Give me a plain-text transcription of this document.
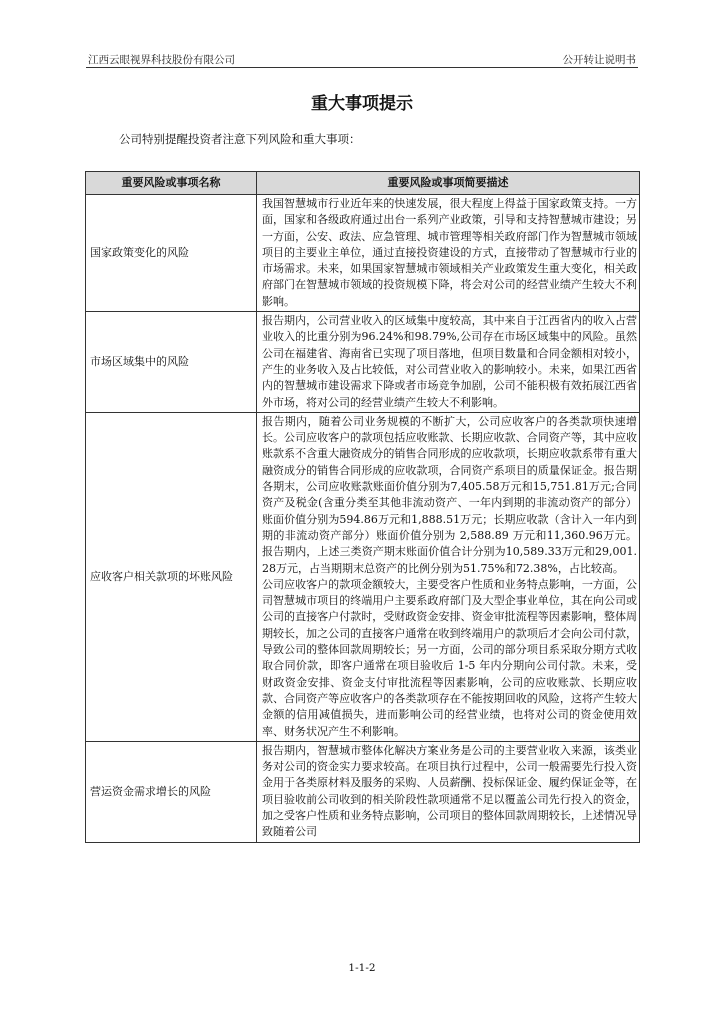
江西云眼视界科技股份有限公司	公开转让说明书
重大事项提示
公司特别提醒投资者注意下列风险和重大事项：
重要风险或事项名称	重要风险或事项简要描述
国家政策变化的风险	我国智慧城市行业近年来的快速发展，很大程度上得益于国家政策支持。一方面，国家和各级政府通过出台一系列产业政策，引导和支持智慧城市建设；另一方面，公安、政法、应急管理、城市管理等相关政府部门作为智慧城市领域项目的主要业主单位，通过直接投资建设的方式，直接带动了智慧城市行业的市场需求。未来，如果国家智慧城市领域相关产业政策发生重大变化，相关政府部门在智慧城市领域的投资规模下降，将会对公司的经营业绩产生较大不利影响。

市场区域集中的风险	报告期内，公司营业收入的区域集中度较高，其中来自于江西省内的收入占营业收入的比重分别为96.24%和98.79%,公司存在市场区域集中的风险。虽然公司在福建省、海南省已实现了项目落地，但项目数量和合同金额相对较小，产生的业务收入及占比较低，对公司营业收入的影响较小。未来，如果江西省内的智慧城市建设需求下降或者市场竞争加剧，公司不能积极有效拓展江西省外市场，将对公司的经营业绩产生较大不利影响。

应收客户相关款项的坏账风险	报告期内，随着公司业务规模的不断扩大，公司应收客户的各类款项快速增长。公司应收客户的款项包括应收账款、长期应收款、合同资产等，其中应收账款系不含重大融资成分的销售合同形成的应收款项，长期应收款系带有重大融资成分的销售合同形成的应收款项，合同资产系项目的质量保证金。报告期各期末，公司应收账款账面价值分别为7,405.58万元和15,751.81万元;合同资产及税金(含重分类至其他非流动资产、一年内到期的非流动资产的部分）账面价值分别为594.86万元和1,888.51万元；长期应收款（含计入一年内到期的非流动资产部分）账面价值分别为 2,588.89 万元和11,360.96万元。报告期内，上述三类资产期末账面价值合计分别为10,589.33万元和29,001.28万元，占当期期末总资产的比例分别为51.75%和72.38%，占比较高。

公司应收客户的款项金额较大，主要受客户性质和业务特点影响，一方面，公司智慧城市项目的终端用户主要系政府部门及大型企事业单位，其在向公司或公司的直接客户付款时，受财政资金安排、资金审批流程等因素影响，整体周期较长，加之公司的直接客户通常在收到终端用户的款项后才会向公司付款，导致公司的整体回款周期较长；另一方面，公司的部分项目系采取分期方式收取合同价款，即客户通常在项目验收后 1-5 年内分期向公司付款。未来，受财政资金安排、资金支付审批流程等因素影响，公司的应收账款、长期应收款、合同资产等应收客户的各类款项存在不能按期回收的风险，这将产生较大金额的信用减值损失，进而影响公司的经营业绩，也将对公司的资金使用效率、财务状况产生不利影响。

营运资金需求增长的风险	报告期内，智慧城市整体化解决方案业务是公司的主要营业收入来源，该类业务对公司的资金实力要求较高。在项目执行过程中，公司一般需要先行投入资金用于各类原材料及服务的采购、人员薪酬、投标保证金、履约保证金等，在项目验收前公司收到的相关阶段性款项通常不足以覆盖公司先行投入的资金，加之受客户性质和业务特点影响，公司项目的整体回款周期较长，上述情况导致随着公司

1-1-2
